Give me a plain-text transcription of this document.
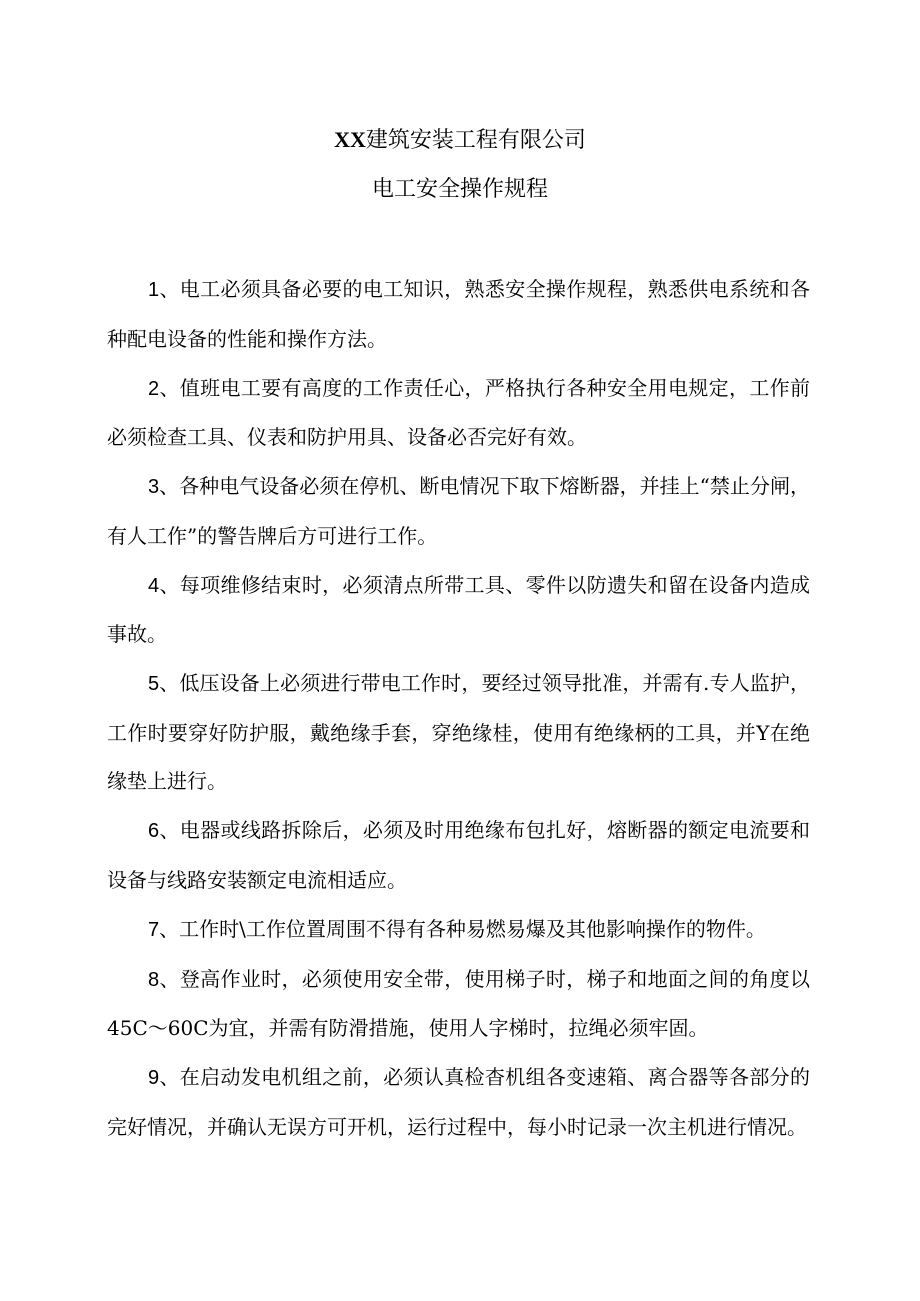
XX建筑安装工程有限公司
电工安全操作规程

1、电工必须具备必要的电工知识，熟悉安全操作规程，熟悉供电系统和各种配电设备的性能和操作方法。

2、值班电工要有高度的工作责任心，严格执行各种安全用电规定，工作前必须检查工具、仪表和防护用具、设备必否完好有效。

3、各种电气设备必须在停机、断电情况下取下熔断器，并挂上“禁止分闸，有人工作”的警告牌后方可进行工作。

4、每项维修结束时，必须清点所带工具、零件以防遗失和留在设备内造成事故。

5、低压设备上必须进行带电工作时，要经过领导批准，并需有.专人监护，工作时要穿好防护服，戴绝缘手套，穿绝缘桂，使用有绝缘柄的工具，并Y在绝缘垫上进行。

6、电器或线路拆除后，必须及时用绝缘布包扎好，熔断器的额定电流要和设备与线路安装额定电流相适应。

7、工作时\工作位置周围不得有各种易燃易爆及其他影响操作的物件。

8、登高作业时，必须使用安全带，使用梯子时，梯子和地面之间的角度以45C～60C为宜，并需有防滑措施，使用人字梯时，拉绳必须牢固。

9、在启动发电机组之前，必须认真检杳机组各变速箱、离合器等各部分的完好情况，并确认无误方可开机，运行过程中，每小时记录一次主机进行情况。
